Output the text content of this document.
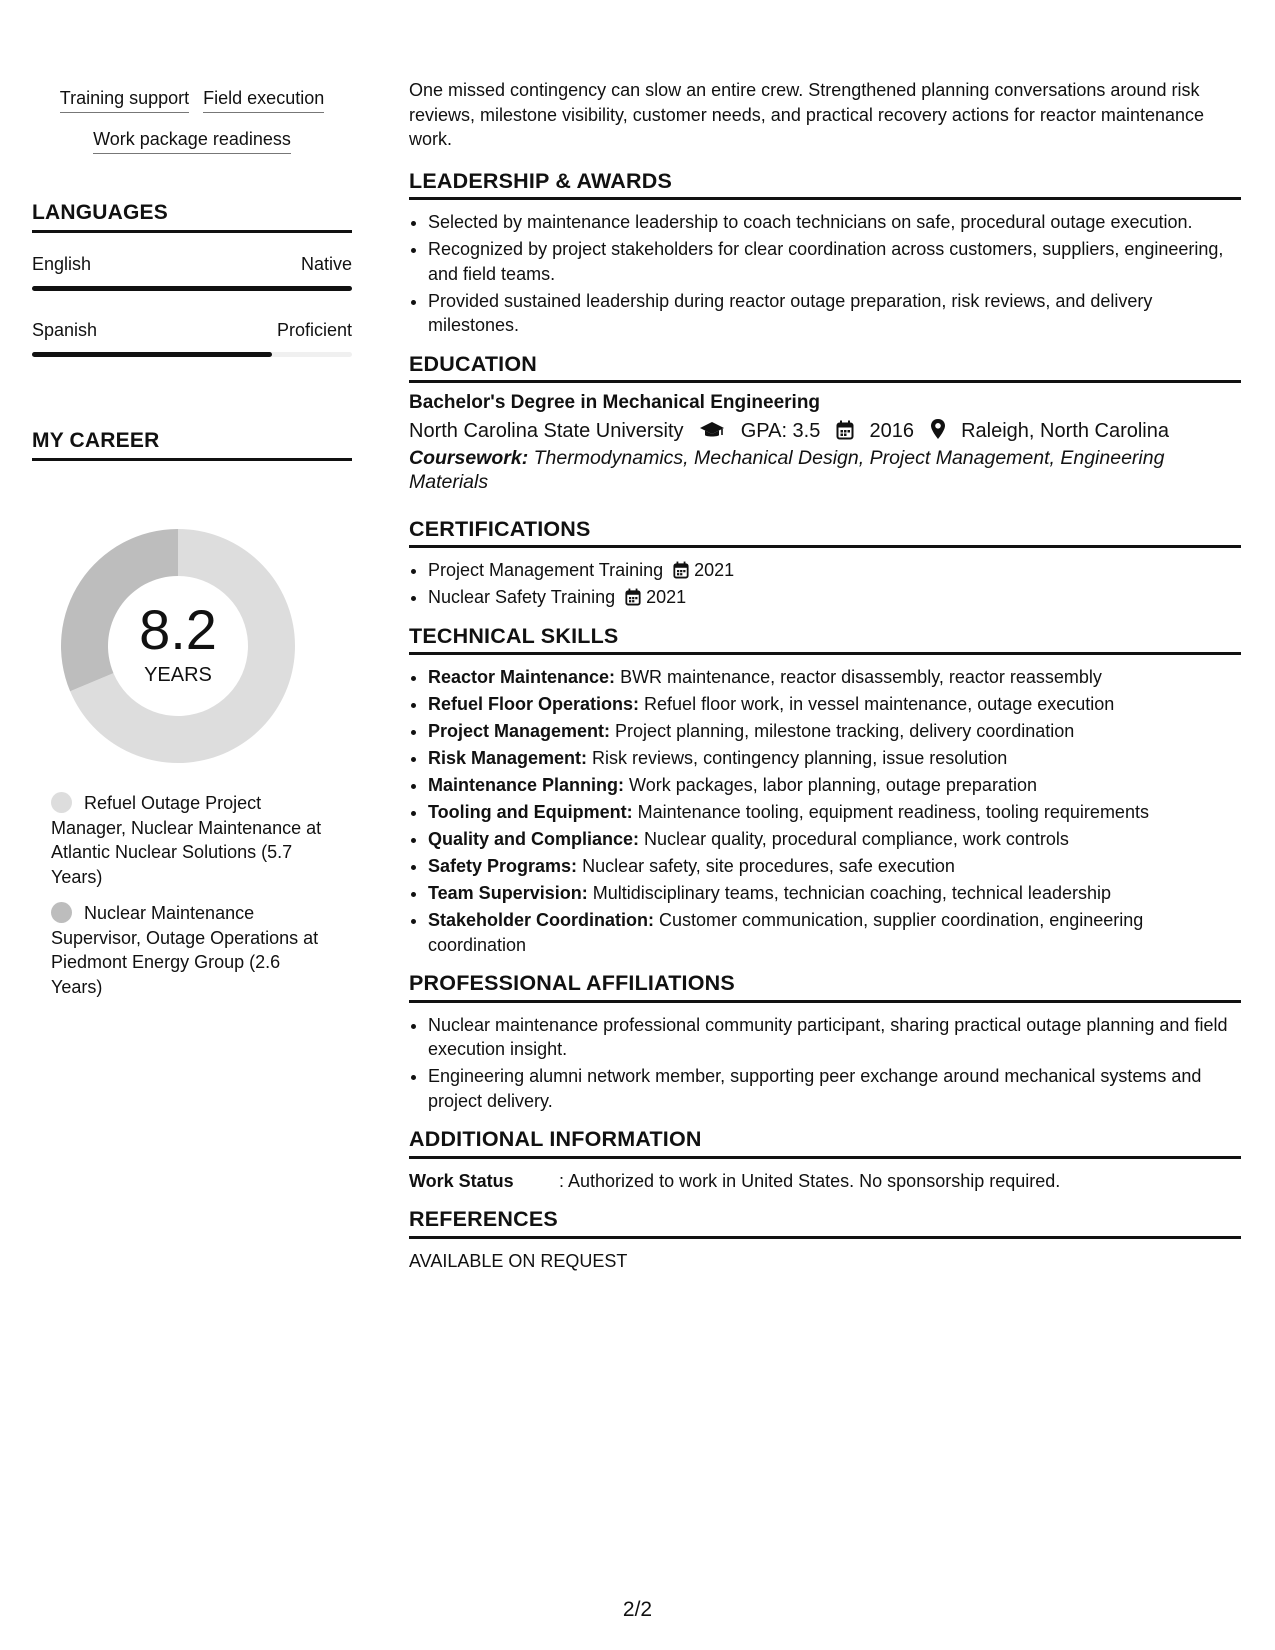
Training support Field execution
Work package readiness
LANGUAGES
English	Native
Spanish	Proficient
MY CAREER
8.2
YEARS
Refuel Outage Project Manager, Nuclear Maintenance at Atlantic Nuclear Solutions (5.7 Years)
Nuclear Maintenance Supervisor, Outage Operations at Piedmont Energy Group (2.6 Years)

One missed contingency can slow an entire crew. Strengthened planning conversations around risk reviews, milestone visibility, customer needs, and practical recovery actions for reactor maintenance work.

LEADERSHIP & AWARDS
• Selected by maintenance leadership to coach technicians on safe, procedural outage execution.
• Recognized by project stakeholders for clear coordination across customers, suppliers, engineering, and field teams.
• Provided sustained leadership during reactor outage preparation, risk reviews, and delivery milestones.
EDUCATION
Bachelor's Degree in Mechanical Engineering
North Carolina State University	GPA: 3.5 2016 Raleigh, North Carolina
Coursework: Thermodynamics, Mechanical Design, Project Management, Engineering Materials
CERTIFICATIONS
• Project Management Training 2021
• Nuclear Safety Training 2021
TECHNICAL SKILLS
• Reactor Maintenance: BWR maintenance, reactor disassembly, reactor reassembly
• Refuel Floor Operations: Refuel floor work, in vessel maintenance, outage execution
• Project Management: Project planning, milestone tracking, delivery coordination
• Risk Management: Risk reviews, contingency planning, issue resolution
• Maintenance Planning: Work packages, labor planning, outage preparation
• Tooling and Equipment: Maintenance tooling, equipment readiness, tooling requirements
• Quality and Compliance: Nuclear quality, procedural compliance, work controls
• Safety Programs: Nuclear safety, site procedures, safe execution
• Team Supervision: Multidisciplinary teams, technician coaching, technical leadership
• Stakeholder Coordination: Customer communication, supplier coordination, engineering coordination
PROFESSIONAL AFFILIATIONS
• Nuclear maintenance professional community participant, sharing practical outage planning and field execution insight.
• Engineering alumni network member, supporting peer exchange around mechanical systems and project delivery.
ADDITIONAL INFORMATION
Work Status	: Authorized to work in United States. No sponsorship required.
REFERENCES
AVAILABLE ON REQUEST
2/2
